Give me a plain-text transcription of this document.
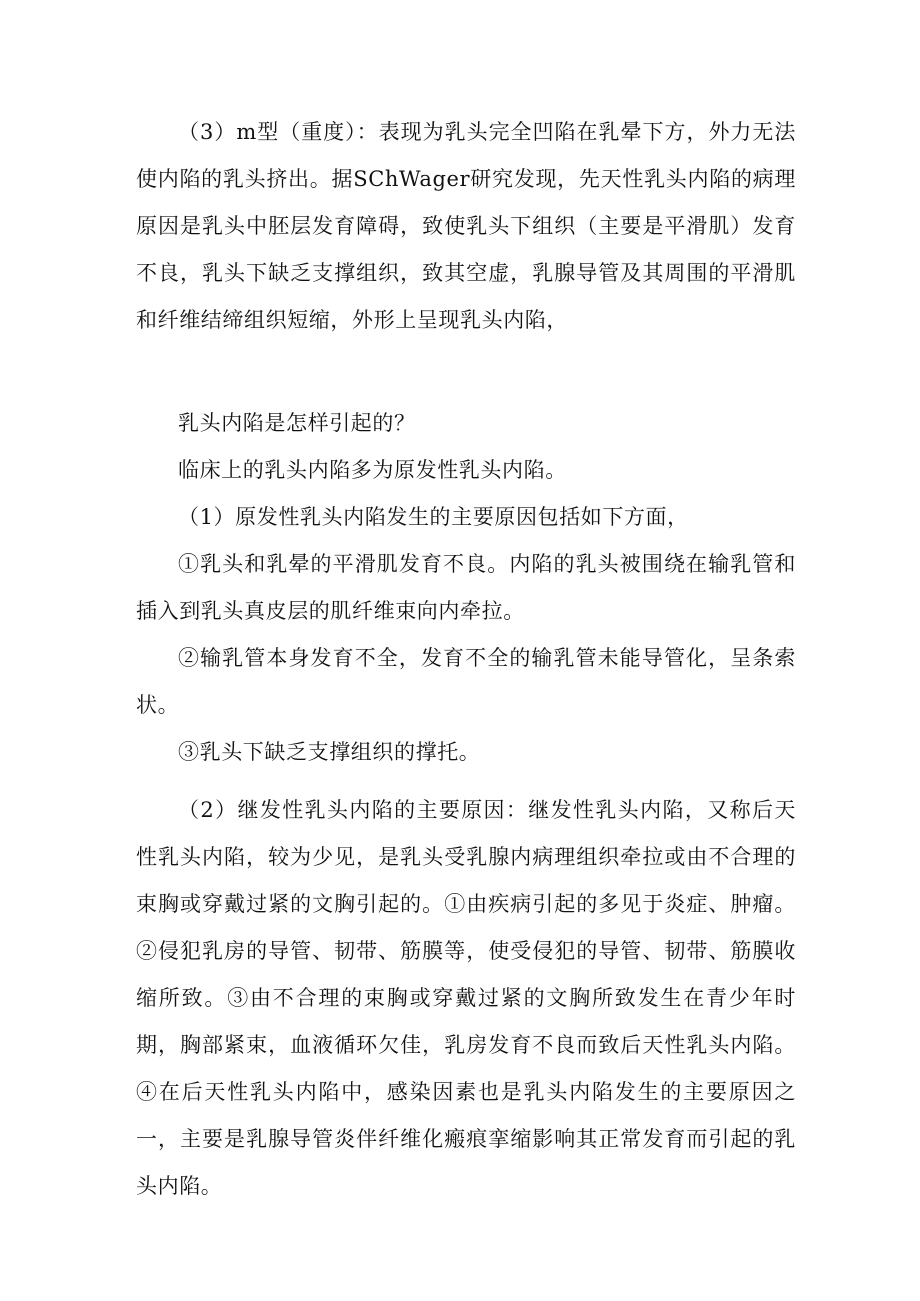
（3）m型（重度）：表现为乳头完全凹陷在乳晕下方，外力无法使内陷的乳头挤出。据SChWager研究发现，先天性乳头内陷的病理原因是乳头中胚层发育障碍，致使乳头下组织（主要是平滑肌）发育不良，乳头下缺乏支撑组织，致其空虚，乳腺导管及其周围的平滑肌和纤维结缔组织短缩，外形上呈现乳头内陷，

乳头内陷是怎样引起的？

临床上的乳头内陷多为原发性乳头内陷。

（1）原发性乳头内陷发生的主要原因包括如下方面，

①乳头和乳晕的平滑肌发育不良。内陷的乳头被围绕在输乳管和插入到乳头真皮层的肌纤维束向内牵拉。

②输乳管本身发育不全，发育不全的输乳管未能导管化，呈条索状。

③乳头下缺乏支撑组织的撑托。

（2）继发性乳头内陷的主要原因：继发性乳头内陷，又称后天性乳头内陷，较为少见，是乳头受乳腺内病理组织牵拉或由不合理的束胸或穿戴过紧的文胸引起的。①由疾病引起的多见于炎症、肿瘤。②侵犯乳房的导管、韧带、筋膜等，使受侵犯的导管、韧带、筋膜收缩所致。③由不合理的束胸或穿戴过紧的文胸所致发生在青少年时期，胸部紧束，血液循环欠佳，乳房发育不良而致后天性乳头内陷。④在后天性乳头内陷中，感染因素也是乳头内陷发生的主要原因之一，主要是乳腺导管炎伴纤维化瘢痕挛缩影响其正常发育而引起的乳头内陷。
